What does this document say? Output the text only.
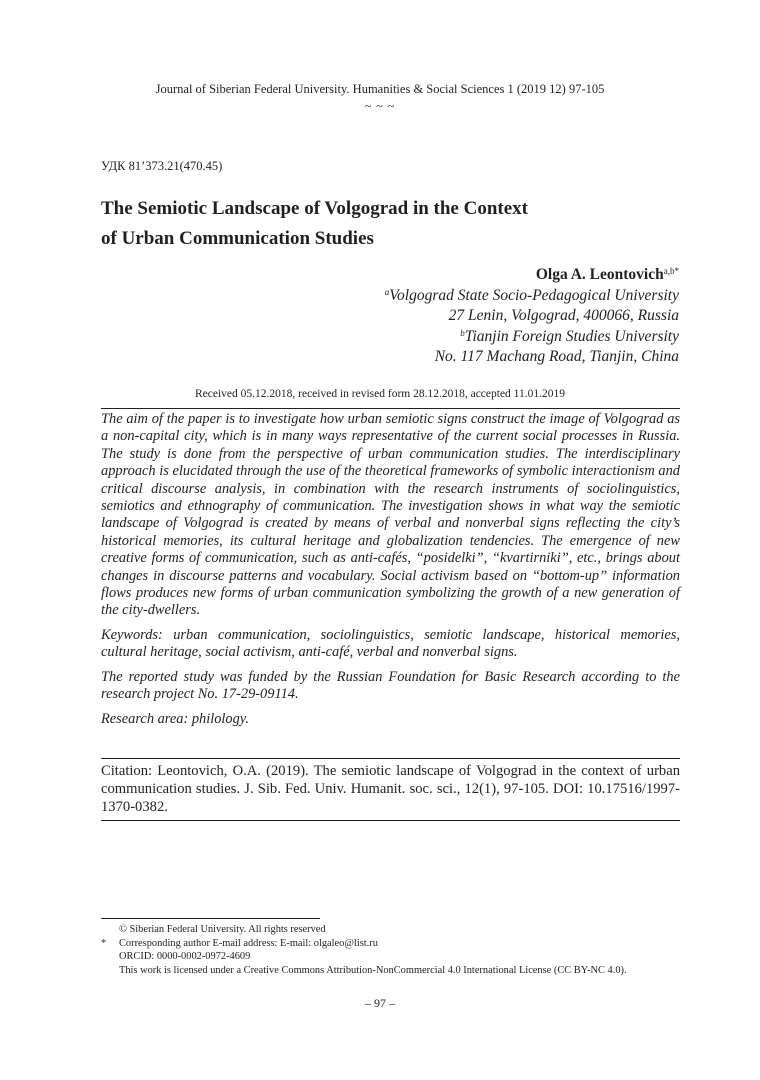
Journal of Siberian Federal University. Humanities & Social Sciences 1 (2019 12) 97-105
~ ~ ~
УДК 81’373.21(470.45)
The Semiotic Landscape of Volgograd in the Context
of Urban Communication Studies
Olga A. Leontovich$^{a,b*}$
$^a$Volgograd State Socio-Pedagogical University
27 Lenin, Volgograd, 400066, Russia
$^b$Tianjin Foreign Studies University
No. 117 Machang Road, Tianjin, China
Received 05.12.2018, received in revised form 28.12.2018, accepted 11.01.2019

The aim of the paper is to investigate how urban semiotic signs construct the image of Volgograd as a non-capital city, which is in many ways representative of the current social processes in Russia. The study is done from the perspective of urban communication studies. The interdisciplinary approach is elucidated through the use of the theoretical frameworks of symbolic interactionism and critical discourse analysis, in combination with the research instruments of sociolinguistics, semiotics and ethnography of communication. The investigation shows in what way the semiotic landscape of Volgograd is created by means of verbal and nonverbal signs reflecting the city’s historical memories, its cultural heritage and globalization tendencies. The emergence of new creative forms of communication, such as anti-cafés, “posidelki”, “kvartirniki”, etc., brings about changes in discourse patterns and vocabulary. Social activism based on “bottom-up” information flows produces new forms of urban communication symbolizing the growth of a new generation of the city-dwellers.

Keywords: urban communication, sociolinguistics, semiotic landscape, historical memories, cultural heritage, social activism, anti-café, verbal and nonverbal signs.

The reported study was funded by the Russian Foundation for Basic Research according to the research project No. 17-29-09114.

Research area: philology.

Citation: Leontovich, O.A. (2019). The semiotic landscape of Volgograd in the context of urban communication studies. J. Sib. Fed. Univ. Humanit. soc. sci., 12(1), 97-105. DOI: 10.17516/1997-1370-0382.
© Siberian Federal University. All rights reserved
* Corresponding author E-mail address: E-mail: olgaleo@list.ru
ORCID: 0000-0002-0972-4609
This work is licensed under a Creative Commons Attribution-NonCommercial 4.0 International License (CC BY-NC 4.0).
– 97 –
